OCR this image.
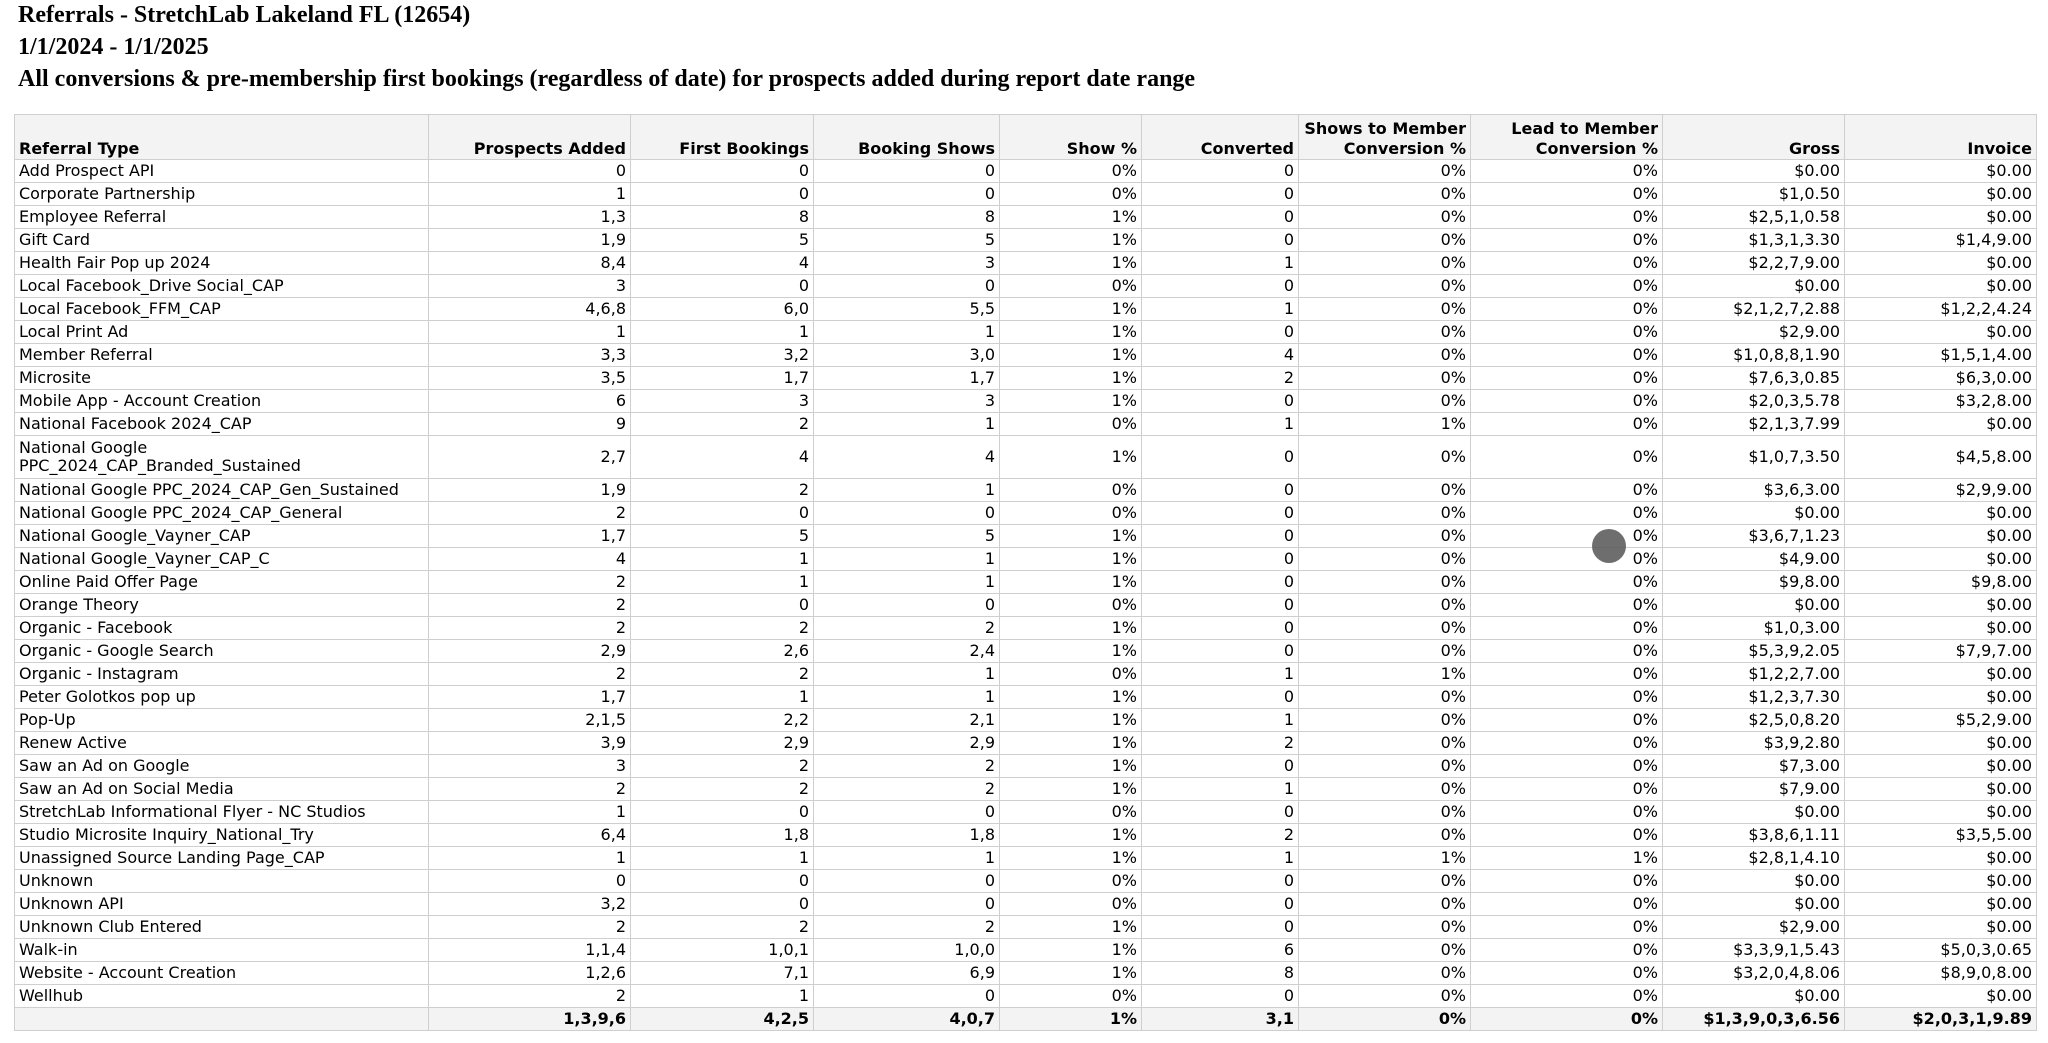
Referrals - StretchLab Lakeland FL (12654)
1/1/2024 - 1/1/2025
All conversions & pre-membership first bookings (regardless of date) for prospects added during report date range
Referral Type	Prospects Added	First Bookings	Booking Shows	Show %	Converted	Shows to Member Conversion %	Lead to Member Conversion %	Gross	Invoice
Add Prospect API	0	0	0	0%	0	0%	0%	$0.00	$0.00
Corporate Partnership	1	0	0	0%	0	0%	0%	$1,0.50	$0.00
Employee Referral	1,3	8	8	1%	0	0%	0%	$2,5,1,0.58	$0.00
Gift Card	1,9	5	5	1%	0	0%	0%	$1,3,1,3.30	$1,4,9.00
Health Fair Pop up 2024	8,4	4	3	1%	1	0%	0%	$2,2,7,9.00	$0.00
Local Facebook_Drive Social_CAP	3	0	0	0%	0	0%	0%	$0.00	$0.00
Local Facebook_FFM_CAP	4,6,8	6,0	5,5	1%	1	0%	0%	$2,1,2,7,2.88	$1,2,2,4.24
Local Print Ad	1	1	1	1%	0	0%	0%	$2,9.00	$0.00
Member Referral	3,3	3,2	3,0	1%	4	0%	0%	$1,0,8,8,1.90	$1,5,1,4.00
Microsite	3,5	1,7	1,7	1%	2	0%	0%	$7,6,3,0.85	$6,3,0.00
Mobile App - Account Creation	6	3	3	1%	0	0%	0%	$2,0,3,5.78	$3,2,8.00
National Facebook 2024_CAP	9	2	1	0%	1	1%	0%	$2,1,3,7.99	$0.00
National Google PPC_2024_CAP_Branded_Sustained	2,7	4	4	1%	0	0%	0%	$1,0,7,3.50	$4,5,8.00
National Google PPC_2024_CAP_Gen_Sustained	1,9	2	1	0%	0	0%	0%	$3,6,3.00	$2,9,9.00
National Google PPC_2024_CAP_General	2	0	0	0%	0	0%	0%	$0.00	$0.00
National Google_Vayner_CAP	1,7	5	5	1%	0	0%	0%	$3,6,7,1.23	$0.00
National Google_Vayner_CAP_C	4	1	1	1%	0	0%	0%	$4,9.00	$0.00
Online Paid Offer Page	2	1	1	1%	0	0%	0%	$9,8.00	$9,8.00
Orange Theory	2	0	0	0%	0	0%	0%	$0.00	$0.00
Organic - Facebook	2	2	2	1%	0	0%	0%	$1,0,3.00	$0.00
Organic - Google Search	2,9	2,6	2,4	1%	0	0%	0%	$5,3,9,2.05	$7,9,7.00
Organic - Instagram	2	2	1	0%	1	1%	0%	$1,2,2,7.00	$0.00
Peter Golotkos pop up	1,7	1	1	1%	0	0%	0%	$1,2,3,7.30	$0.00
Pop-Up	2,1,5	2,2	2,1	1%	1	0%	0%	$2,5,0,8.20	$5,2,9.00
Renew Active	3,9	2,9	2,9	1%	2	0%	0%	$3,9,2.80	$0.00
Saw an Ad on Google	3	2	2	1%	0	0%	0%	$7,3.00	$0.00
Saw an Ad on Social Media	2	2	2	1%	1	0%	0%	$7,9.00	$0.00
StretchLab Informational Flyer - NC Studios	1	0	0	0%	0	0%	0%	$0.00	$0.00
Studio Microsite Inquiry_National_Try	6,4	1,8	1,8	1%	2	0%	0%	$3,8,6,1.11	$3,5,5.00
Unassigned Source Landing Page_CAP	1	1	1	1%	1	1%	1%	$2,8,1,4.10	$0.00
Unknown	0	0	0	0%	0	0%	0%	$0.00	$0.00
Unknown API	3,2	0	0	0%	0	0%	0%	$0.00	$0.00
Unknown Club Entered	2	2	2	1%	0	0%	0%	$2,9.00	$0.00
Walk-in	1,1,4	1,0,1	1,0,0	1%	6	0%	0%	$3,3,9,1,5.43	$5,0,3,0.65
Website - Account Creation	1,2,6	7,1	6,9	1%	8	0%	0%	$3,2,0,4,8.06	$8,9,0,8.00
Wellhub	2	1	0	0%	0	0%	0%	$0.00	$0.00
	1,3,9,6	4,2,5	4,0,7	1%	3,1	0%	0%	$1,3,9,0,3,6.56	$2,0,3,1,9.89
